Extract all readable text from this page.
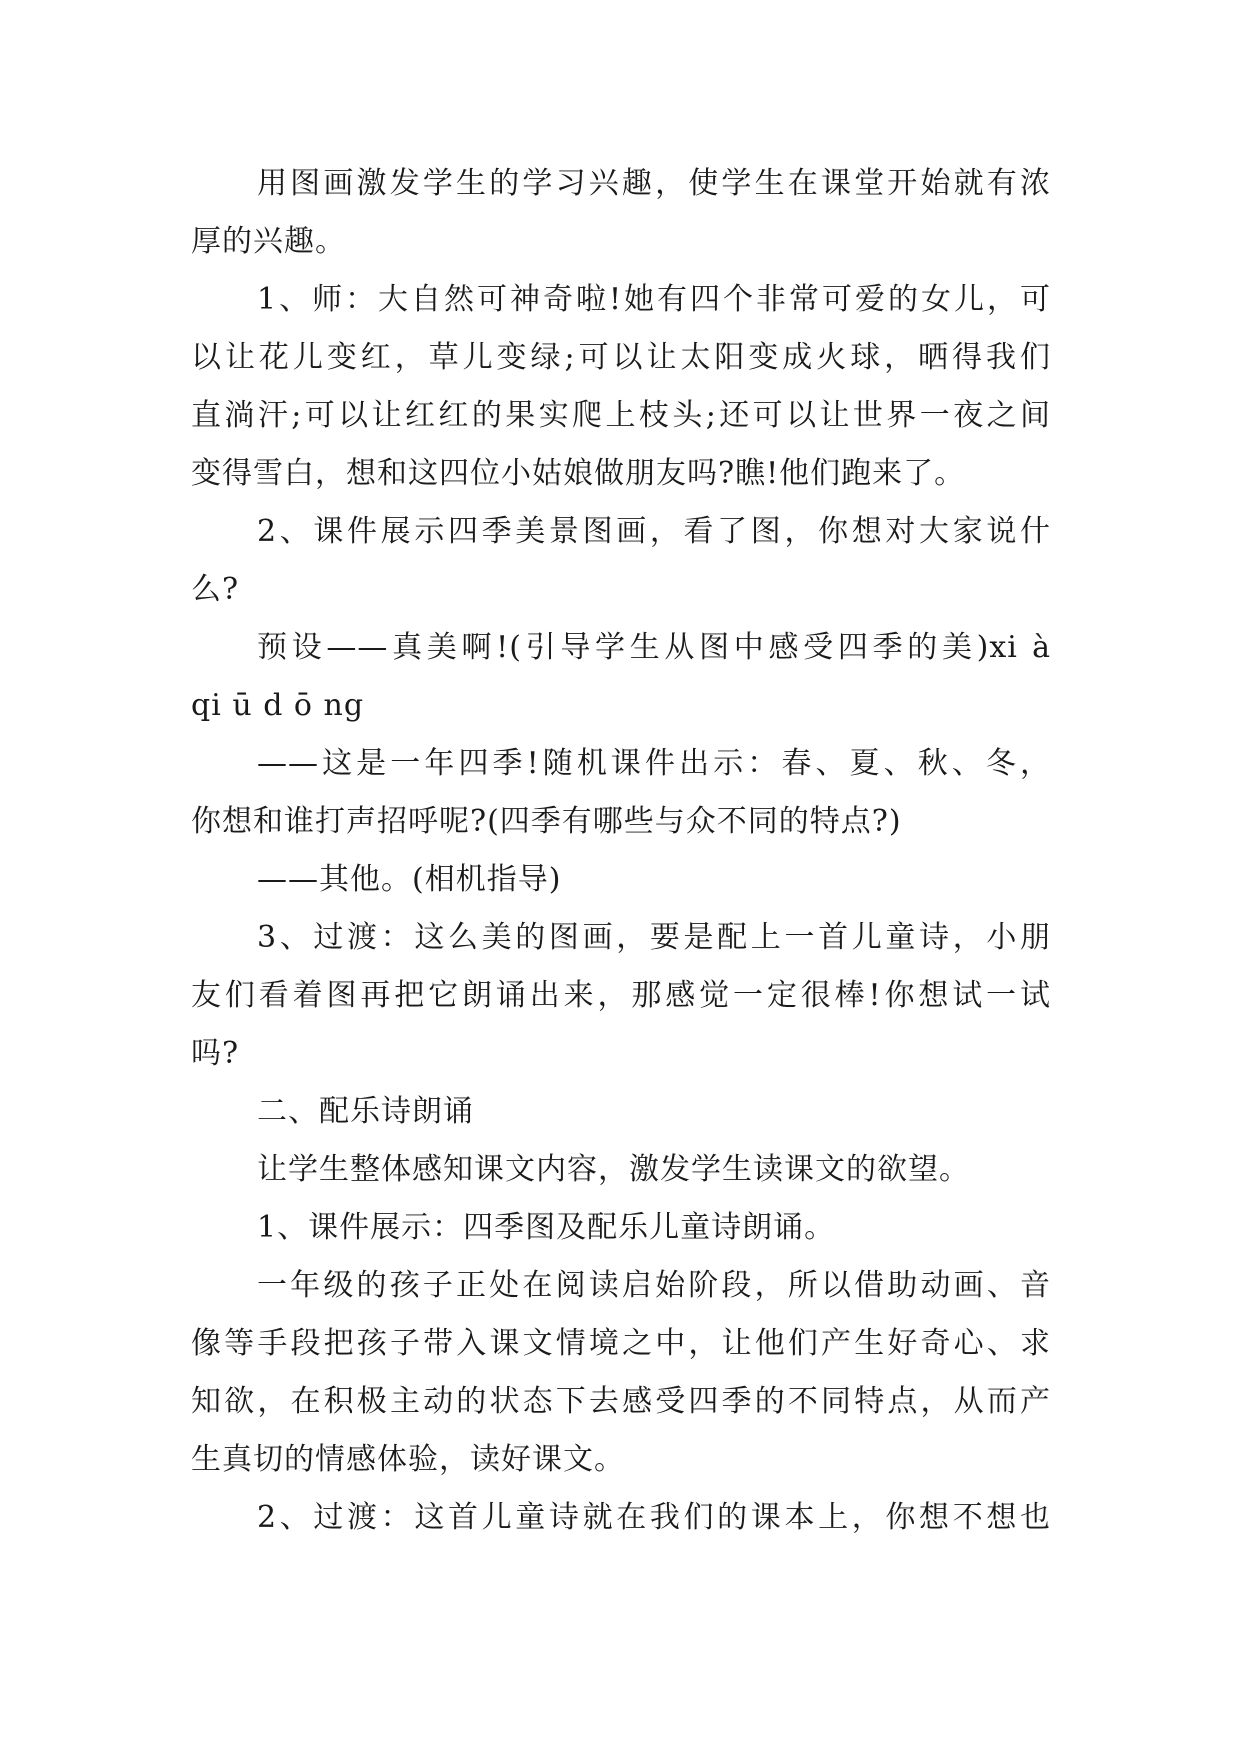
用图画激发学生的学习兴趣，使学生在课堂开始就有浓
厚的兴趣。
1、师：大自然可神奇啦!她有四个非常可爱的女儿，可
以让花儿变红，草儿变绿;可以让太阳变成火球，晒得我们
直淌汗;可以让红红的果实爬上枝头;还可以让世界一夜之间
变得雪白，想和这四位小姑娘做朋友吗?瞧!他们跑来了。
2、课件展示四季美景图画，看了图，你想对大家说什
么?
预设——真美啊!(引导学生从图中感受四季的美)xi à
qi ū d ō ng
——这是一年四季!随机课件出示：春、夏、秋、冬，
你想和谁打声招呼呢?(四季有哪些与众不同的特点?)
——其他。(相机指导)
3、过渡：这么美的图画，要是配上一首儿童诗，小朋
友们看着图再把它朗诵出来，那感觉一定很棒!你想试一试
吗?
二、配乐诗朗诵
让学生整体感知课文内容，激发学生读课文的欲望。
1、课件展示：四季图及配乐儿童诗朗诵。
一年级的孩子正处在阅读启始阶段，所以借助动画、音
像等手段把孩子带入课文情境之中，让他们产生好奇心、求
知欲，在积极主动的状态下去感受四季的不同特点，从而产
生真切的情感体验，读好课文。
2、过渡：这首儿童诗就在我们的课本上，你想不想也
